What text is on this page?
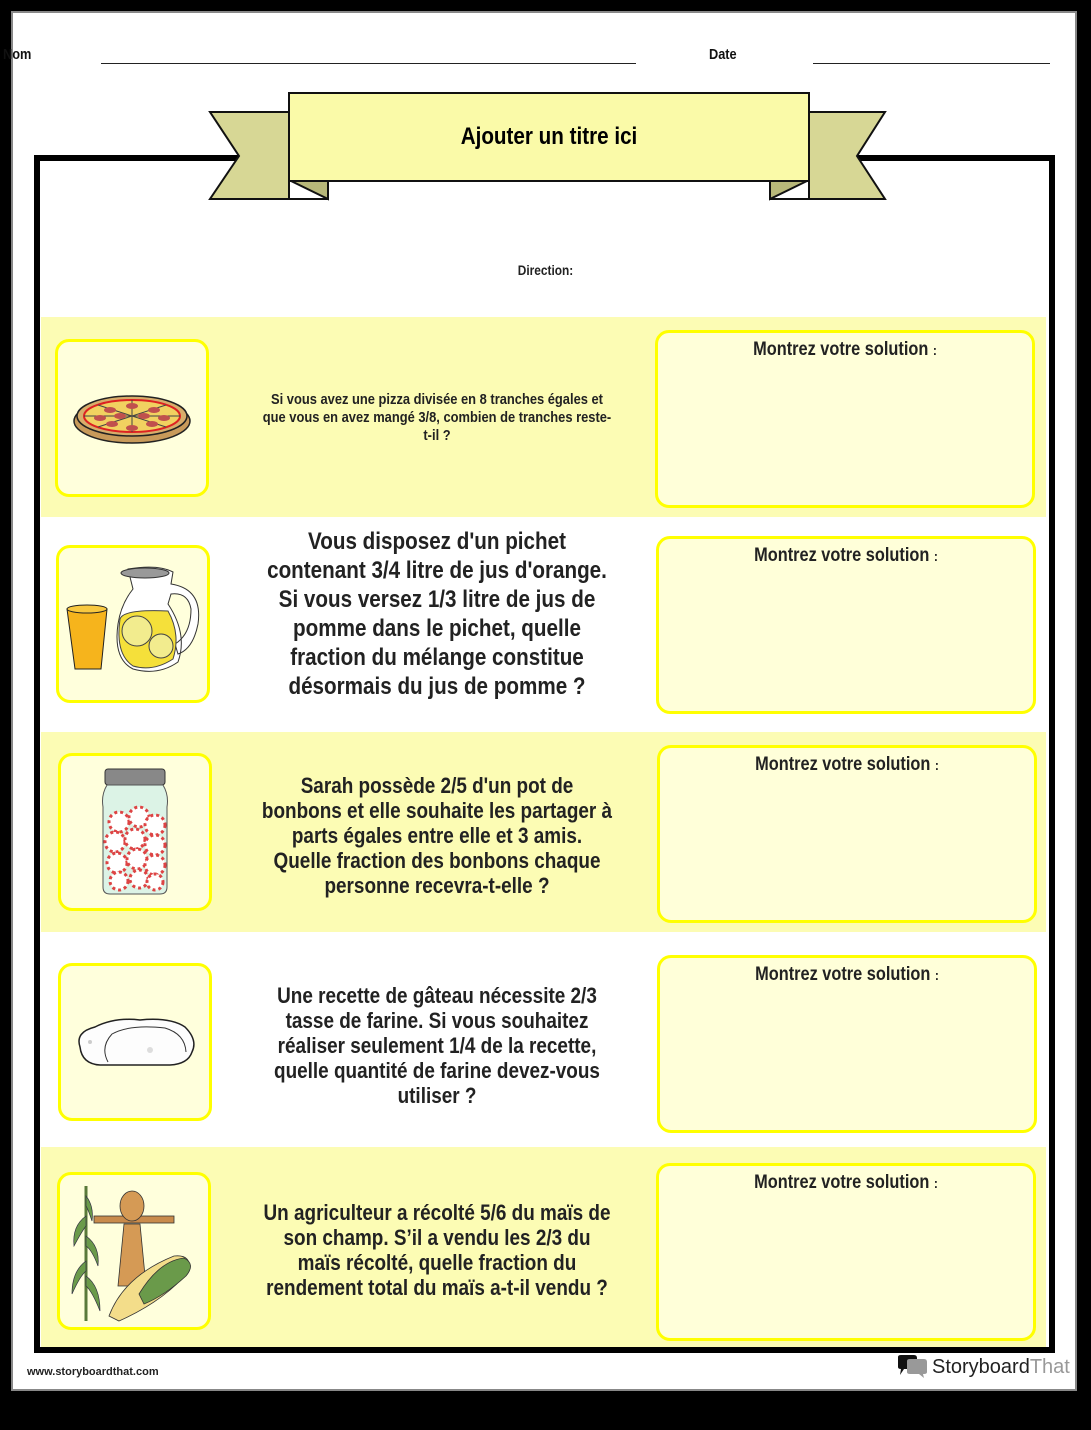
Nom	Date
Ajouter un titre ici
Direction:
Si vous avez une pizza divisée en 8 tranches égales et que vous en avez mangé 3/8, combien de tranches reste-t-il ?
Montrez votre solution :
Vous disposez d'un pichet contenant 3/4 litre de jus d'orange. Si vous versez 1/3 litre de jus de pomme dans le pichet, quelle fraction du mélange constitue désormais du jus de pomme ?
Montrez votre solution :
Sarah possède 2/5 d'un pot de bonbons et elle souhaite les partager à parts égales entre elle et 3 amis. Quelle fraction des bonbons chaque personne recevra-t-elle ?
Montrez votre solution :
Une recette de gâteau nécessite 2/3 tasse de farine. Si vous souhaitez réaliser seulement 1/4 de la recette, quelle quantité de farine devez-vous utiliser ?
Montrez votre solution :
Un agriculteur a récolté 5/6 du maïs de son champ. S’il a vendu les 2/3 du maïs récolté, quelle fraction du rendement total du maïs a-t-il vendu ?
Montrez votre solution :
www.storyboardthat.com	Storyboard That
